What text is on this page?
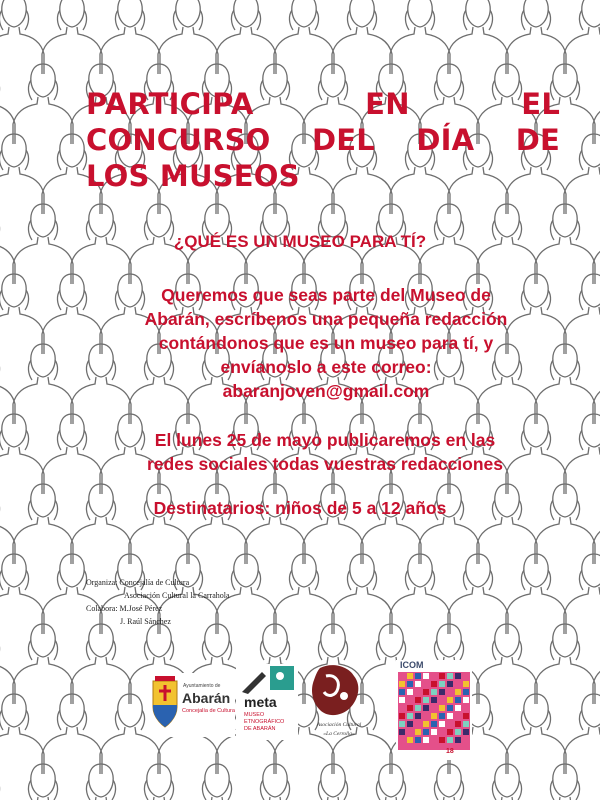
PARTICIPA EN EL
CONCURSO DEL DÍA DE
LOS MUSEOS
¿QUÉ ES UN MUSEO PARA TÍ?
Queremos que seas parte del Museo de
Abarán, escríbenos una pequeña redacción
contándonos que es un museo para tí, y
envíanoslo a este correo:
abaranjoven@gmail.com
El lunes 25 de mayo publicaremos en las
redes sociales todas vuestras redacciones
Destinatarios: niños de 5 a 12 años
Organiza: Concejalía de Cultura
Asociación Cultural la Carrahola
Colabora: M.José Pérez
J. Raúl Sánchez
Ayuntamiento de
Abarán
Concejalía de Cultura
meta
MUSEO
ETNOGRÁFICO
DE ABARÁN
Asociación Cultural
«La Cerrolla»
ICOM
18
